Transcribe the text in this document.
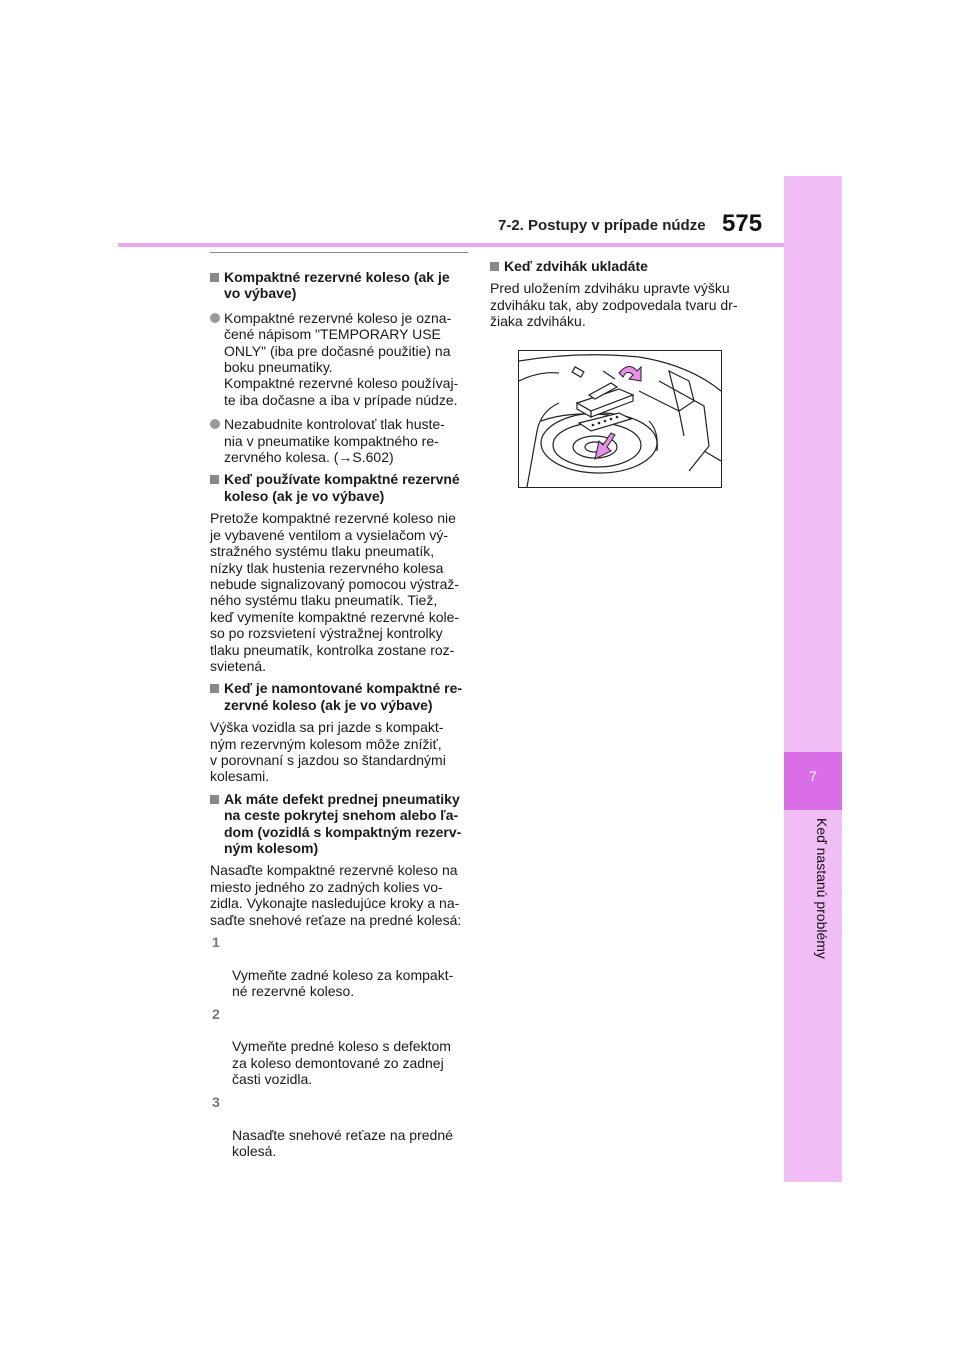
7-2. Postupy v prípade núdze 575
7
Keď nastanú problémy
Kompaktné rezervné koleso (ak je
vo výbave)
Kompaktné rezervné koleso je ozna-
čené nápisom "TEMPORARY USE
ONLY" (iba pre dočasné použitie) na
boku pneumatiky.
Kompaktné rezervné koleso používaj-
te iba dočasne a iba v prípade núdze.
Nezabudnite kontrolovať tlak huste-
nia v pneumatike kompaktného re-
zervného kolesa. (→S.602)
Keď používate kompaktné rezervné
koleso (ak je vo výbave)
Pretože kompaktné rezervné koleso nie
je vybavené ventilom a vysielačom vý-
stražného systému tlaku pneumatík,
nízky tlak hustenia rezervného kolesa
nebude signalizovaný pomocou výstraž-
ného systému tlaku pneumatík. Tiež,
keď vymeníte kompaktné rezervné kole-
so po rozsvietení výstražnej kontrolky
tlaku pneumatík, kontrolka zostane roz-
svietená.
Keď je namontované kompaktné re-
zervné koleso (ak je vo výbave)
Výška vozidla sa pri jazde s kompakt-
ným rezervným kolesom môže znížiť,
v porovnaní s jazdou so štandardnými
kolesami.
Ak máte defekt prednej pneumatiky
na ceste pokrytej snehom alebo ľa-
dom (vozidlá s kompaktným rezerv-
ným kolesom)
Nasaďte kompaktné rezervné koleso na
miesto jedného zo zadných kolies vo-
zidla. Vykonajte nasledujúce kroky a na-
saďte snehové reťaze na predné kolesá:

1

Vymeňte zadné koleso za kompakt-
né rezervné koleso.

2

Vymeňte predné koleso s defektom
za koleso demontované zo zadnej
časti vozidla.

3

Nasaďte snehové reťaze na predné
kolesá.

Keď zdvihák ukladáte
Pred uložením zdviháku upravte výšku
zdviháku tak, aby zodpovedala tvaru dr-
žiaka zdviháku.
